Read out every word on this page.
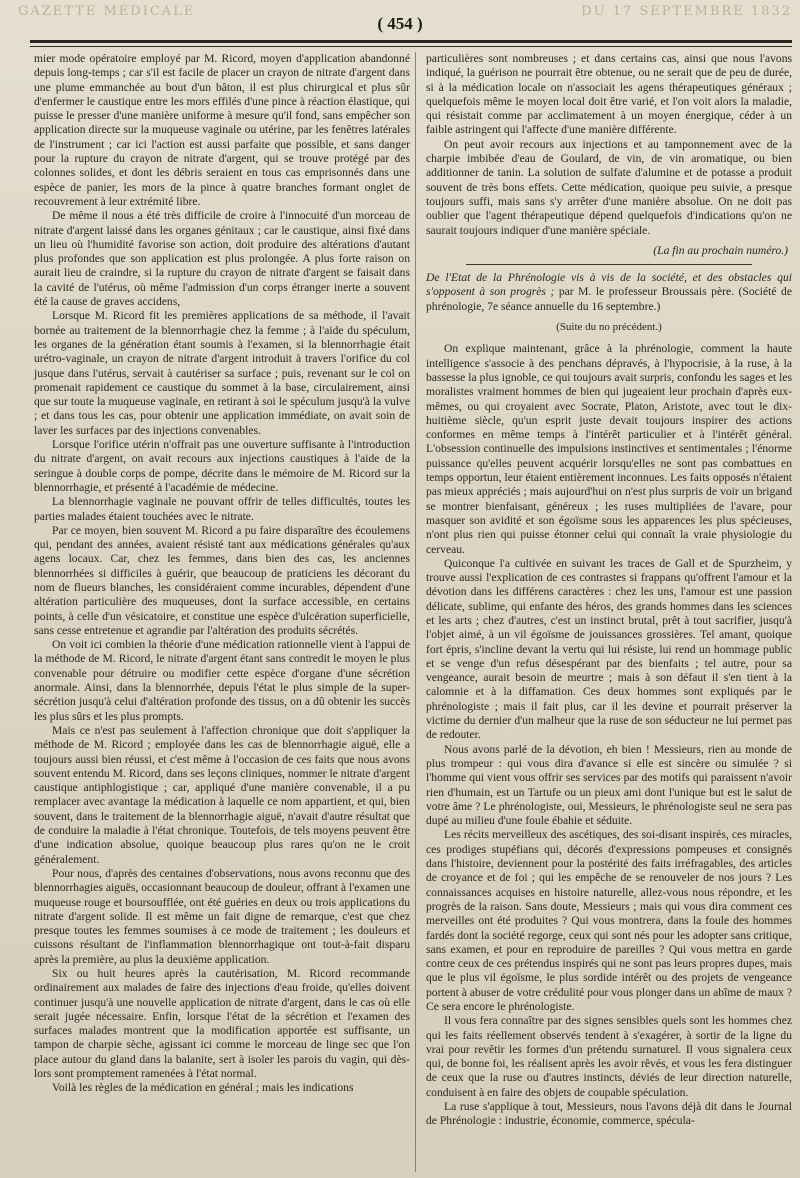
GAZETTE MÉDICALE	DU 17 SEPTEMBRE 1832
( 454 )

mier mode opératoire employé par M. Ricord, moyen d'application abandonné depuis long-temps ; car s'il est facile de placer un crayon de nitrate d'argent dans une plume emmanchée au bout d'un bâton, il est plus chirurgical et plus sûr d'enfermer le caustique entre les mors effilés d'une pince à réaction élastique, qui puisse le presser d'une manière uniforme à mesure qu'il fond, sans empêcher son application directe sur la muqueuse vaginale ou utérine, par les fenêtres latérales de l'instrument ; car ici l'action est aussi parfaite que possible, et sans danger pour la rupture du crayon de nitrate d'argent, qui se trouve protégé par des colonnes solides, et dont les débris seraient en tous cas emprisonnés dans une espèce de panier, les mors de la pince à quatre branches formant onglet de recouvrement à leur extrémité libre.

De même il nous a été très difficile de croire à l'innocuité d'un morceau de nitrate d'argent laissé dans les organes génitaux ; car le caustique, ainsi fixé dans un lieu où l'humidité favorise son action, doit produire des altérations d'autant plus profondes que son application est plus prolongée. A plus forte raison on aurait lieu de craindre, si la rupture du crayon de nitrate d'argent se faisait dans la cavité de l'utérus, où même l'admission d'un corps étranger inerte a souvent été la cause de graves accidens,

Lorsque M. Ricord fit les premières applications de sa méthode, il l'avait bornée au traitement de la blennorrhagie chez la femme ; à l'aide du spéculum, les organes de la génération étant soumis à l'examen, si la blennorrhagie était urétro-vaginale, un crayon de nitrate d'argent introduit à travers l'orifice du col jusque dans l'utérus, servait à cautériser sa surface ; puis, revenant sur le col on promenait rapidement ce caustique du sommet à la base, circulairement, ainsi que sur toute la muqueuse vaginale, en retirant à soi le spéculum jusqu'à la vulve ; et dans tous les cas, pour obtenir une application immédiate, on avait soin de laver les surfaces par des injections convenables.

Lorsque l'orifice utérin n'offrait pas une ouverture suffisante à l'introduction du nitrate d'argent, on avait recours aux injections caustiques à l'aide de la seringue à double corps de pompe, décrite dans le mémoire de M. Ricord sur la blennorrhagie, et présenté à l'académie de médecine.

La blennorrhagie vaginale ne pouvant offrir de telles difficultés, toutes les parties malades étaient touchées avec le nitrate.

Par ce moyen, bien souvent M. Ricord a pu faire disparaître des écoulemens qui, pendant des années, avaient résisté tant aux médications générales qu'aux agens locaux. Car, chez les femmes, dans bien des cas, les anciennes blennorrhées si difficiles à guérir, que beaucoup de praticiens les décorant du nom de flueurs blanches, les considéraient comme incurables, dépendent d'une altération particulière des muqueuses, dont la surface accessible, en certains points, à celle d'un vésicatoire, et constitue une espèce d'ulcération superficielle, sans cesse entretenue et agrandie par l'altération des produits sécrétés.

On voit ici combien la théorie d'une médication rationnelle vient à l'appui de la méthode de M. Ricord, le nitrate d'argent étant sans contredit le moyen le plus convenable pour détruire ou modifier cette espèce d'organe d'une sécrétion anormale. Ainsi, dans la blennorrhée, depuis l'état le plus simple de la super-sécrétion jusqu'à celui d'altération profonde des tissus, on a dû obtenir les succès les plus sûrs et les plus prompts.

Mais ce n'est pas seulement à l'affection chronique que doit s'appliquer la méthode de M. Ricord ; employée dans les cas de blennorrhagie aiguë, elle a toujours aussi bien réussi, et c'est même à l'occasion de ces faits que nous avons souvent entendu M. Ricord, dans ses leçons cliniques, nommer le nitrate d'argent caustique antiphlogistique ; car, appliqué d'une manière convenable, il a pu remplacer avec avantage la médication à laquelle ce nom appartient, et qui, bien souvent, dans le traitement de la blennorrhagie aiguë, n'avait d'autre résultat que de conduire la maladie à l'état chronique. Toutefois, de tels moyens peuvent être d'une indication absolue, quoique beaucoup plus rares qu'on ne le croit généralement.

Pour nous, d'après des centaines d'observations, nous avons reconnu que des blennorrhagies aiguës, occasionnant beaucoup de douleur, offrant à l'examen une muqueuse rouge et boursoufflée, ont été guéries en deux ou trois applications du nitrate d'argent solide. Il est même un fait digne de remarque, c'est que chez presque toutes les femmes soumises à ce mode de traitement ; les douleurs et cuissons résultant de l'inflammation blennorrhagique ont tout-à-fait disparu après la première, au plus la deuxième application.

Six ou huit heures après la cautérisation, M. Ricord recommande ordinairement aux malades de faire des injections d'eau froide, qu'elles doivent continuer jusqu'à une nouvelle application de nitrate d'argent, dans le cas où elle serait jugée nécessaire. Enfin, lorsque l'état de la sécrétion et l'examen des surfaces malades montrent que la modification apportée est suffisante, un tampon de charpie sèche, agissant ici comme le morceau de linge sec que l'on place autour du gland dans la balanite, sert à isoler les parois du vagin, qui dès-lors sont promptement ramenées à l'état normal.

Voilà les règles de la médication en général ; mais les indications

particulières sont nombreuses ; et dans certains cas, ainsi que nous l'avons indiqué, la guérison ne pourrait être obtenue, ou ne serait que de peu de durée, si à la médication locale on n'associait les agens thérapeutiques généraux ; quelquefois même le moyen local doit être varié, et l'on voit alors la maladie, qui résistait comme par acclimatement à un moyen énergique, céder à un faible astringent qui l'affecte d'une manière différente.

On peut avoir recours aux injections et au tamponnement avec de la charpie imbibée d'eau de Goulard, de vin, de vin aromatique, ou bien additionner de tanin. La solution de sulfate d'alumine et de potasse a produit souvent de très bons effets. Cette médication, quoique peu suivie, a presque toujours suffi, mais sans s'y arrêter d'une manière absolue. On ne doit pas oublier que l'agent thérapeutique dépend quelquefois d'indications qu'on ne saurait toujours indiquer d'une manière spéciale.

(La fin au prochain numéro.)

De l'Etat de la Phrénologie vis à vis de la société, et des obstacles qui s'opposent à son progrès ; par M. le professeur Broussais père. (Société de phrénologie, 7e séance annuelle du 16 septembre.)

(Suite du no précédent.)

On explique maintenant, grâce à la phrénologie, comment la haute intelligence s'associe à des penchans dépravés, à l'hypocrisie, à la ruse, à la bassesse la plus ignoble, ce qui toujours avait surpris, confondu les sages et les moralistes vraiment hommes de bien qui jugeaient leur prochain d'après eux-mêmes, ou qui croyaient avec Socrate, Platon, Aristote, avec tout le dix-huitième siècle, qu'un esprit juste devait toujours inspirer des actions conformes en même temps à l'intérêt particulier et à l'intérêt général. L'obsession continuelle des impulsions instinctives et sentimentales ; l'énorme puissance qu'elles peuvent acquérir lorsqu'elles ne sont pas combattues en temps opportun, leur étaient entièrement inconnues. Les faits opposés n'étaient pas mieux appréciés ; mais aujourd'hui on n'est plus surpris de voir un brigand se montrer bienfaisant, généreux ; les ruses multipliées de l'avare, pour masquer son avidité et son égoïsme sous les apparences les plus spécieuses, n'ont plus rien qui puisse étonner celui qui connaît la vraie physiologie du cerveau.

Quiconque l'a cultivée en suivant les traces de Gall et de Spurzheim, y trouve aussi l'explication de ces contrastes si frappans qu'offrent l'amour et la dévotion dans les différens caractères : chez les uns, l'amour est une passion délicate, sublime, qui enfante des héros, des grands hommes dans les sciences et les arts ; chez d'autres, c'est un instinct brutal, prêt à tout sacrifier, jusqu'à l'objet aimé, à un vil égoïsme de jouissances grossières. Tel amant, quoique fort épris, s'incline devant la vertu qui lui résiste, lui rend un hommage public et se venge d'un refus désespérant par des bienfaits ; tel autre, pour sa vengeance, aurait besoin de meurtre ; mais à son défaut il s'en tient à la calomnie et à la diffamation. Ces deux hommes sont expliqués par le phrénologiste ; mais il fait plus, car il les devine et pourrait préserver la victime du dernier d'un malheur que la ruse de son séducteur ne lui permet pas de redouter.

Nous avons parlé de la dévotion, eh bien ! Messieurs, rien au monde de plus trompeur : qui vous dira d'avance si elle est sincère ou simulée ? si l'homme qui vient vous offrir ses services par des motifs qui paraissent n'avoir rien d'humain, est un Tartufe ou un pieux ami dont l'unique but est le salut de votre âme ? Le phrénologiste, oui, Messieurs, le phrénologiste seul ne sera pas dupé au milieu d'une foule ébahie et séduite.

Les récits merveilleux des ascétiques, des soi-disant inspirés, ces miracles, ces prodiges stupéfians qui, décorés d'expressions pompeuses et consignés dans l'histoire, deviennent pour la postérité des faits irréfragables, des articles de croyance et de foi ; qui les empêche de se renouveler de nos jours ? Les connaissances acquises en histoire naturelle, allez-vous nous répondre, et les progrès de la raison. Sans doute, Messieurs ; mais qui vous dira comment ces merveilles ont été produites ? Qui vous montrera, dans la foule des hommes fardés dont la société regorge, ceux qui sont nés pour les adopter sans critique, sans examen, et pour en reproduire de pareilles ? Qui vous mettra en garde contre ceux de ces prétendus inspirés qui ne sont pas leurs propres dupes, mais que le plus vil égoïsme, le plus sordide intérêt ou des projets de vengeance portent à abuser de votre crédulité pour vous plonger dans un abîme de maux ? Ce sera encore le phrénologiste.

Il vous fera connaître par des signes sensibles quels sont les hommes chez qui les faits réellement observés tendent à s'exagérer, à sortir de la ligne du vrai pour revêtir les formes d'un prétendu surnaturel. Il vous signalera ceux qui, de bonne foi, les réalisent après les avoir rêvés, et vous les fera distinguer de ceux que la ruse ou d'autres instincts, déviés de leur direction naturelle, conduisent à en faire des objets de coupable spéculation.

La ruse s'applique à tout, Messieurs, nous l'avons déjà dit dans le Journal de Phrénologie : industrie, économie, commerce, spécula-
